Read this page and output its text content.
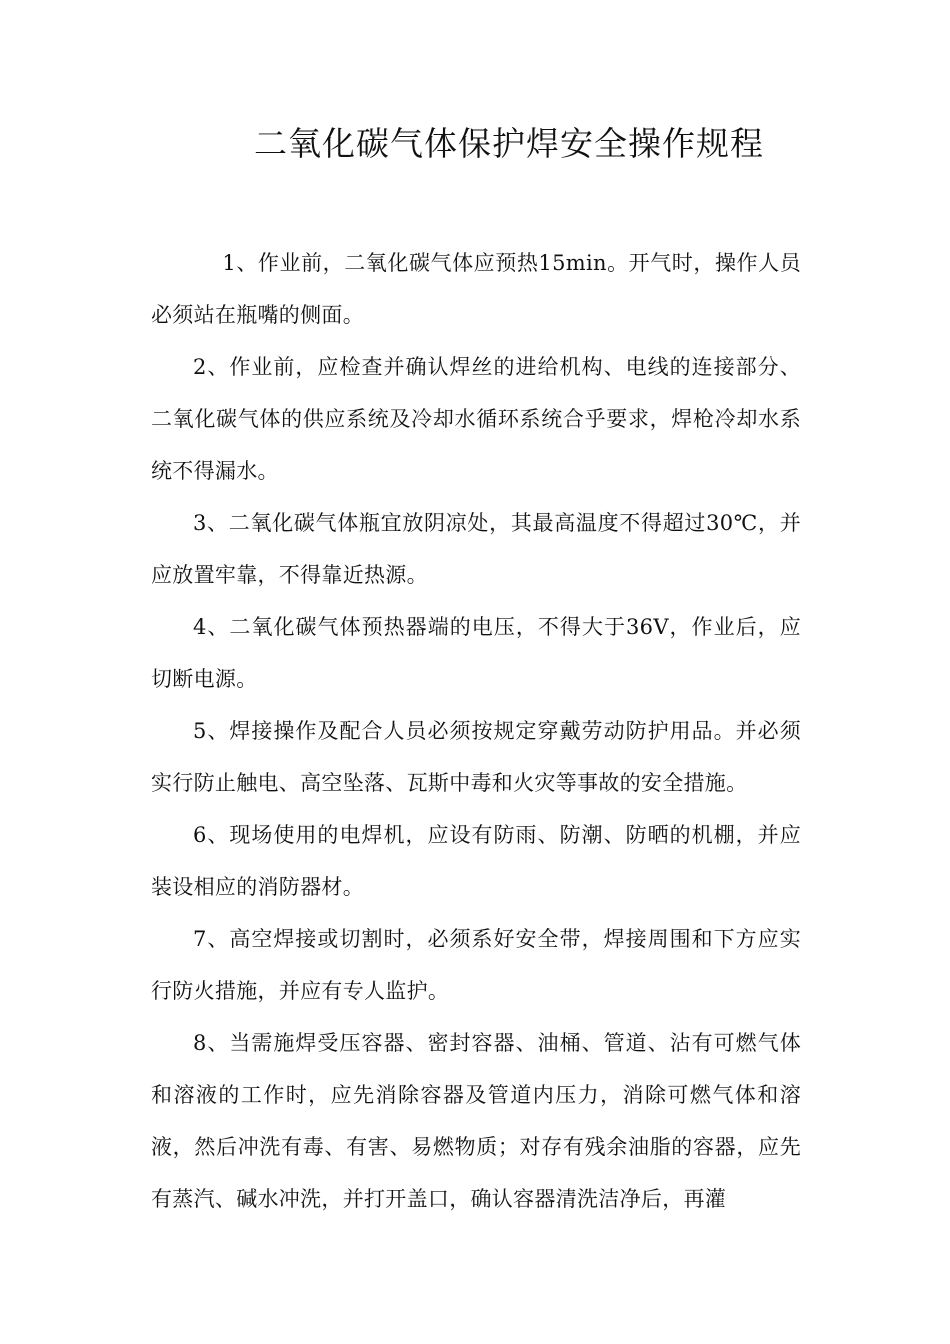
二氧化碳气体保护焊安全操作规程

1、作业前，二氧化碳气体应预热15min。开气时，操作人员必须站在瓶嘴的侧面。

2、作业前，应检查并确认焊丝的进给机构、电线的连接部分、二氧化碳气体的供应系统及冷却水循环系统合乎要求，焊枪冷却水系统不得漏水。

3、二氧化碳气体瓶宜放阴凉处，其最高温度不得超过30℃，并应放置牢靠，不得靠近热源。

4、二氧化碳气体预热器端的电压，不得大于36V，作业后，应切断电源。

5、焊接操作及配合人员必须按规定穿戴劳动防护用品。并必须实行防止触电、高空坠落、瓦斯中毒和火灾等事故的安全措施。

6、现场使用的电焊机，应设有防雨、防潮、防晒的机棚，并应装设相应的消防器材。

7、高空焊接或切割时，必须系好安全带，焊接周围和下方应实行防火措施，并应有专人监护。

8、当需施焊受压容器、密封容器、油桶、管道、沾有可燃气体和溶液的工作时，应先消除容器及管道内压力，消除可燃气体和溶液，然后冲洗有毒、有害、易燃物质；对存有残余油脂的容器，应先有蒸汽、碱水冲洗，并打开盖口，确认容器清洗洁净后，再灌
